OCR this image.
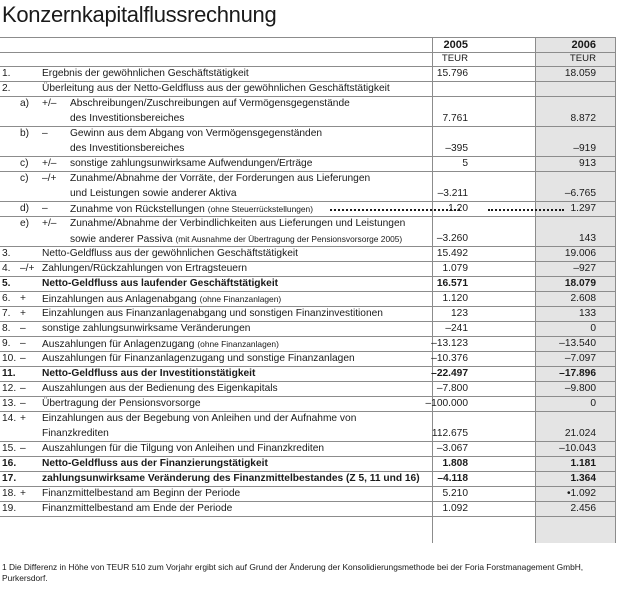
Konzernkapitalflussrechnung
2005	2006
TEUR	TEUR
1.	Ergebnis der gewöhnlichen Geschäftstätigkeit	15.796	18.059
2.	Überleitung aus der Netto-Geldfluss aus der gewöhnlichen Geschäftstätigkeit
a) +/– Abschreibungen/Zuschreibungen auf Vermögensgegenstände
des Investitionsbereiches	7.761	8.872
b) – Gewinn aus dem Abgang von Vermögensgegenständen
des Investitionsbereiches	–395	–919
c) +/– sonstige zahlungsunwirksame Aufwendungen/Erträge	5	913
c) –/+ Zunahme/Abnahme der Vorräte, der Forderungen aus Lieferungen
und Leistungen sowie anderer Aktiva	–3.211	–6.765
d) – Zunahme von Rückstellungen (ohne Steuerrückstellungen)	1.20	1.297
e) +/– Zunahme/Abnahme der Verbindlichkeiten aus Lieferungen und Leistungen
sowie anderer Passiva (mit Ausnahme der Übertragung der Pensionsvorsorge 2005)	–3.260	143
3.	Netto-Geldfluss aus der gewöhnlichen Geschäftstätigkeit	15.492	19.006
4. –/+ Zahlungen/Rückzahlungen von Ertragsteuern	1.079	–927
5.	Netto-Geldfluss aus laufender Geschäftstätigkeit	16.571	18.079
6. + Einzahlungen aus Anlagenabgang (ohne Finanzanlagen)	1.120	2.608
7. + Einzahlungen aus Finanzanlagenabgang und sonstigen Finanzinvestitionen	123	133
8. – sonstige zahlungsunwirksame Veränderungen	–241	0
9. – Auszahlungen für Anlagenzugang (ohne Finanzanlagen)	–13.123	–13.540
10. – Auszahlungen für Finanzanlagenzugang und sonstige Finanzanlagen	–10.376	–7.097
11.	Netto-Geldfluss aus der Investitionstätigkeit	–22.497	–17.896
12. – Auszahlungen aus der Bedienung des Eigenkapitals	–7.800	–9.800
13. – Übertragung der Pensionsvorsorge	–100.000	0
14. + Einzahlungen aus der Begebung von Anleihen und der Aufnahme von
Finanzkrediten	112.675	21.024
15. – Auszahlungen für die Tilgung von Anleihen und Finanzkrediten	–3.067	–10.043
16.	Netto-Geldfluss aus der Finanzierungstätigkeit	1.808	1.181
17.	zahlungsunwirksame Veränderung des Finanzmittelbestandes (Z 5, 11 und 16) –4.118	1.364
18. + Finanzmittelbestand am Beginn der Periode	5.210	•1.092
19.	Finanzmittelbestand am Ende der Periode	1.092	2.456
1 Die Differenz in Höhe von TEUR 510 zum Vorjahr ergibt sich auf Grund der Änderung der Konsolidierungsmethode bei der Foria Forstmanagement GmbH, Purkersdorf.
